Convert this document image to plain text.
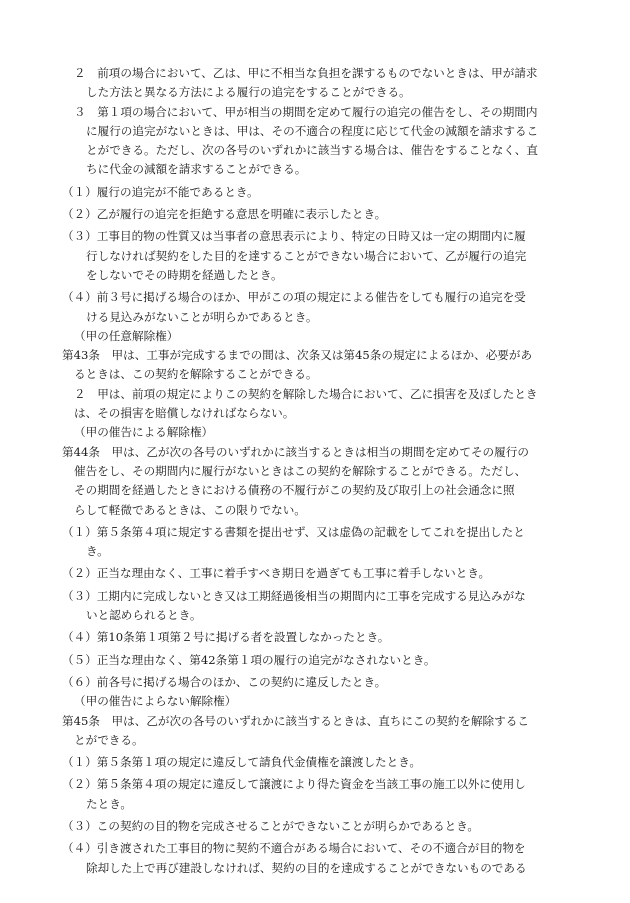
２　前項の場合において、乙は、甲に不相当な負担を課するものでないときは、甲が請求
した方法と異なる方法による履行の追完をすることができる。
３　第１項の場合において、甲が相当の期間を定めて履行の追完の催告をし、その期間内
に履行の追完がないときは、甲は、その不適合の程度に応じて代金の減額を請求するこ
とができる。ただし、次の各号のいずれかに該当する場合は、催告をすることなく、直
ちに代金の減額を請求することができる。
（１）履行の追完が不能であるとき。
（２）乙が履行の追完を拒絶する意思を明確に表示したとき。
（３）工事目的物の性質又は当事者の意思表示により、特定の日時又は一定の期間内に履
行しなければ契約をした目的を達することができない場合において、乙が履行の追完
をしないでその時期を経過したとき。
（４）前３号に掲げる場合のほか、甲がこの項の規定による催告をしても履行の追完を受
ける見込みがないことが明らかであるとき。
（甲の任意解除権）
第43条　甲は、工事が完成するまでの間は、次条又は第45条の規定によるほか、必要があ
るときは、この契約を解除することができる。
２　甲は、前項の規定によりこの契約を解除した場合において、乙に損害を及ぼしたとき
は、その損害を賠償しなければならない。
（甲の催告による解除権）
第44条　甲は、乙が次の各号のいずれかに該当するときは相当の期間を定めてその履行の
催告をし、その期間内に履行がないときはこの契約を解除することができる。ただし、
その期間を経過したときにおける債務の不履行がこの契約及び取引上の社会通念に照
らして軽微であるときは、この限りでない。
（１）第５条第４項に規定する書類を提出せず、又は虚偽の記載をしてこれを提出したと
き。
（２）正当な理由なく、工事に着手すべき期日を過ぎても工事に着手しないとき。
（３）工期内に完成しないとき又は工期経過後相当の期間内に工事を完成する見込みがな
いと認められるとき。
（４）第10条第１項第２号に掲げる者を設置しなかったとき。
（５）正当な理由なく、第42条第１項の履行の追完がなされないとき。
（６）前各号に掲げる場合のほか、この契約に違反したとき。
（甲の催告によらない解除権）
第45条　甲は、乙が次の各号のいずれかに該当するときは、直ちにこの契約を解除するこ
とができる。
（１）第５条第１項の規定に違反して請負代金債権を譲渡したとき。
（２）第５条第４項の規定に違反して譲渡により得た資金を当該工事の施工以外に使用し
たとき。
（３）この契約の目的物を完成させることができないことが明らかであるとき。
（４）引き渡された工事目的物に契約不適合がある場合において、その不適合が目的物を
除却した上で再び建設しなければ、契約の目的を達成することができないものである
